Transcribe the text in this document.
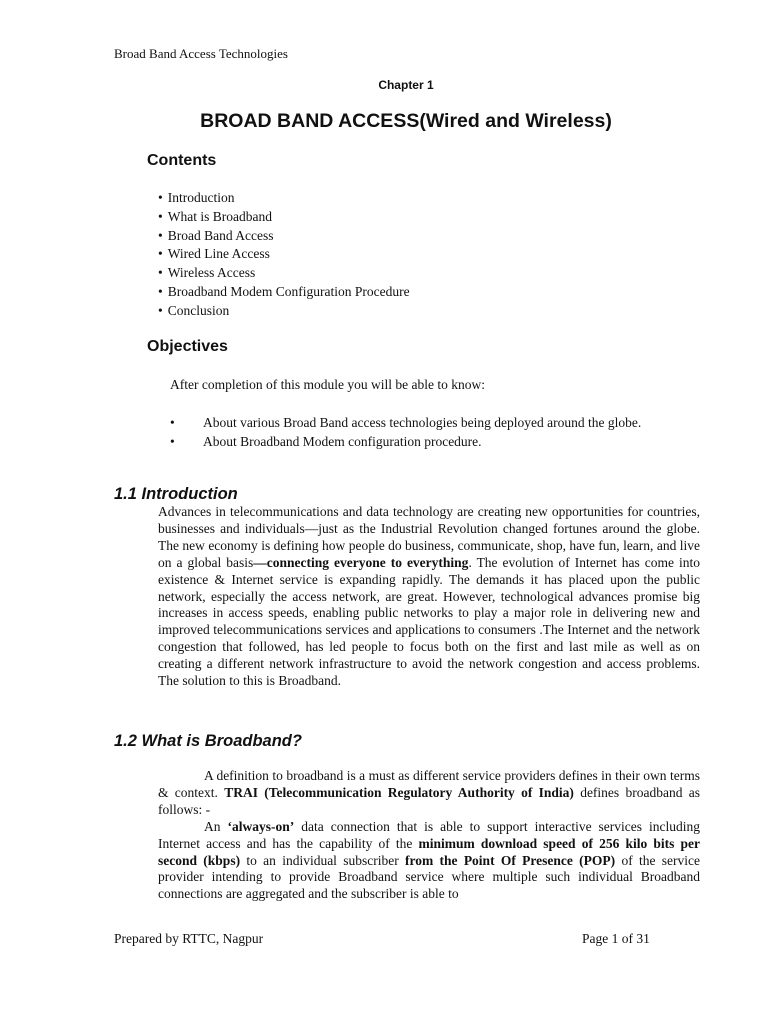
Broad Band Access Technologies
Chapter 1
BROAD BAND ACCESS(Wired and Wireless)
Contents
• Introduction
• What is Broadband
• Broad Band Access
• Wired Line Access
• Wireless Access
• Broadband Modem Configuration Procedure
• Conclusion
Objectives
After completion of this module you will be able to know:
• About various Broad Band access technologies being deployed around the globe.
• About Broadband Modem configuration procedure.
1.1 Introduction

Advances in telecommunications and data technology are creating new opportunities for countries, businesses and individuals—just as the Industrial Revolution changed fortunes around the globe. The new economy is defining how people do business, communicate, shop, have fun, learn, and live on a global basis—connecting everyone to everything. The evolution of Internet has come into existence & Internet service is expanding rapidly. The demands it has placed upon the public network, especially the access network, are great. However, technological advances promise big increases in access speeds, enabling public networks to play a major role in delivering new and improved telecommunications services and applications to consumers .The Internet and the network congestion that followed, has led people to focus both on the first and last mile as well as on creating a different network infrastructure to avoid the network congestion and access problems. The solution to this is Broadband.

1.2 What is Broadband?

A definition to broadband is a must as different service providers defines in their own terms & context. TRAI (Telecommunication Regulatory Authority of India) defines broadband as follows: -
An ‘always-on’ data connection that is able to support interactive services including Internet access and has the capability of the minimum download speed of 256 kilo bits per second (kbps) to an individual subscriber from the Point Of Presence (POP) of the service provider intending to provide Broadband service where multiple such individual Broadband connections are aggregated and the subscriber is able to

Prepared by RTTC, Nagpur	Page 1 of 31
